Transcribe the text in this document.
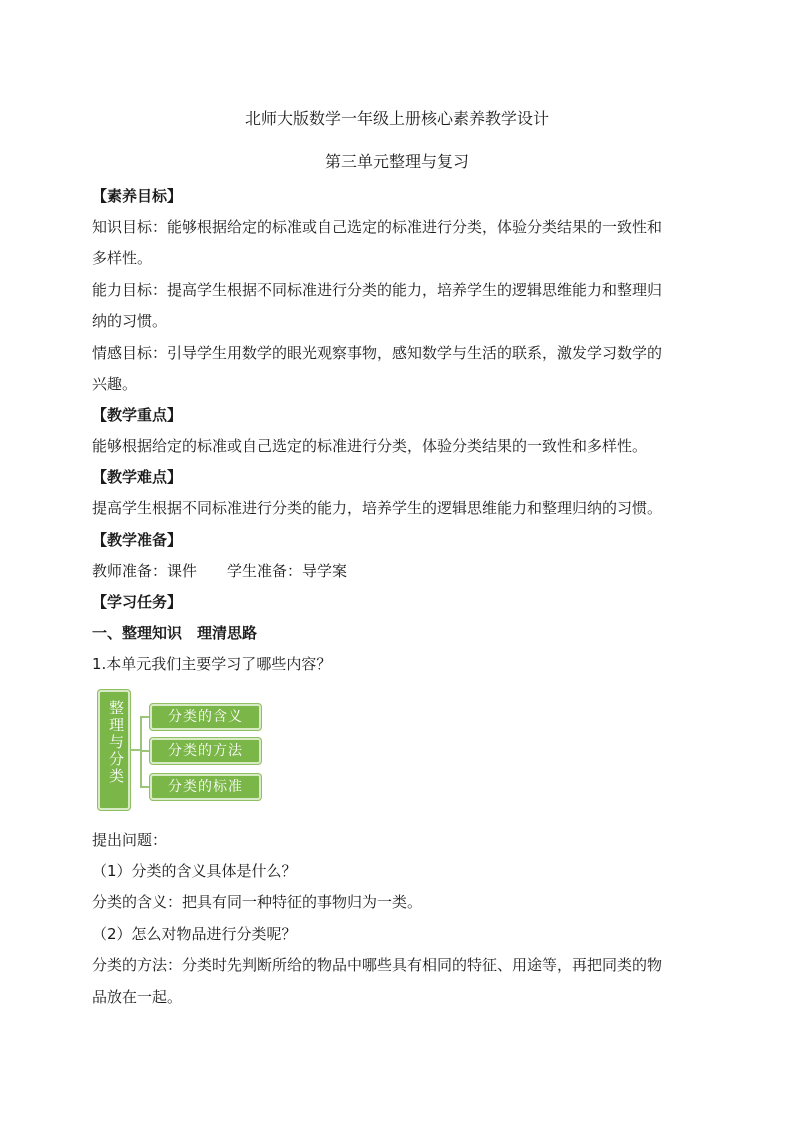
北师大版数学一年级上册核心素养教学设计
第三单元整理与复习
【素养目标】
知识目标：能够根据给定的标准或自己选定的标准进行分类，体验分类结果的一致性和
多样性。
能力目标：提高学生根据不同标准进行分类的能力，培养学生的逻辑思维能力和整理归
纳的习惯。
情感目标：引导学生用数学的眼光观察事物，感知数学与生活的联系，激发学习数学的
兴趣。
【教学重点】
能够根据给定的标准或自己选定的标准进行分类，体验分类结果的一致性和多样性。
【教学难点】
提高学生根据不同标准进行分类的能力，培养学生的逻辑思维能力和整理归纳的习惯。
【教学准备】
教师准备：课件　　学生准备：导学案
【学习任务】
一、整理知识　理清思路
1.本单元我们主要学习了哪些内容？
整理与分类	分类的含义
分类的方法
分类的标准
提出问题：
（1）分类的含义具体是什么？
分类的含义：把具有同一种特征的事物归为一类。
（2）怎么对物品进行分类呢？
分类的方法：分类时先判断所给的物品中哪些具有相同的特征、用途等，再把同类的物
品放在一起。
